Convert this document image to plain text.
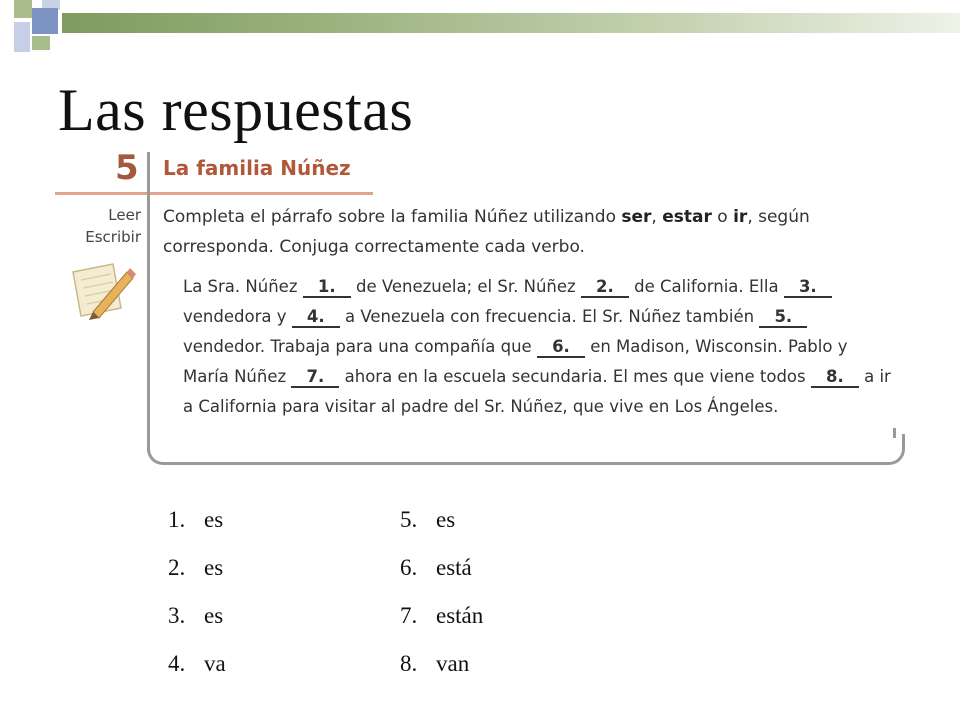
Las respuestas
5 La familia Núñez
Leer
Escribir
Completa el párrafo sobre la familia Núñez utilizando ser, estar o ir, según corresponda. Conjuga correctamente cada verbo.
La Sra. Núñez 1. de Venezuela; el Sr. Núñez 2. de California. Ella 3. vendedora y 4. a Venezuela con frecuencia. El Sr. Núñez también 5. vendedor. Trabaja para una compañía que 6. en Madison, Wisconsin. Pablo y María Núñez 7. ahora en la escuela secundaria. El mes que viene todos 8. a ir a California para visitar al padre del Sr. Núñez, que vive en Los Ángeles.
1. es
2. es
3. es
4. va
5. es
6. está
7. están
8. van
